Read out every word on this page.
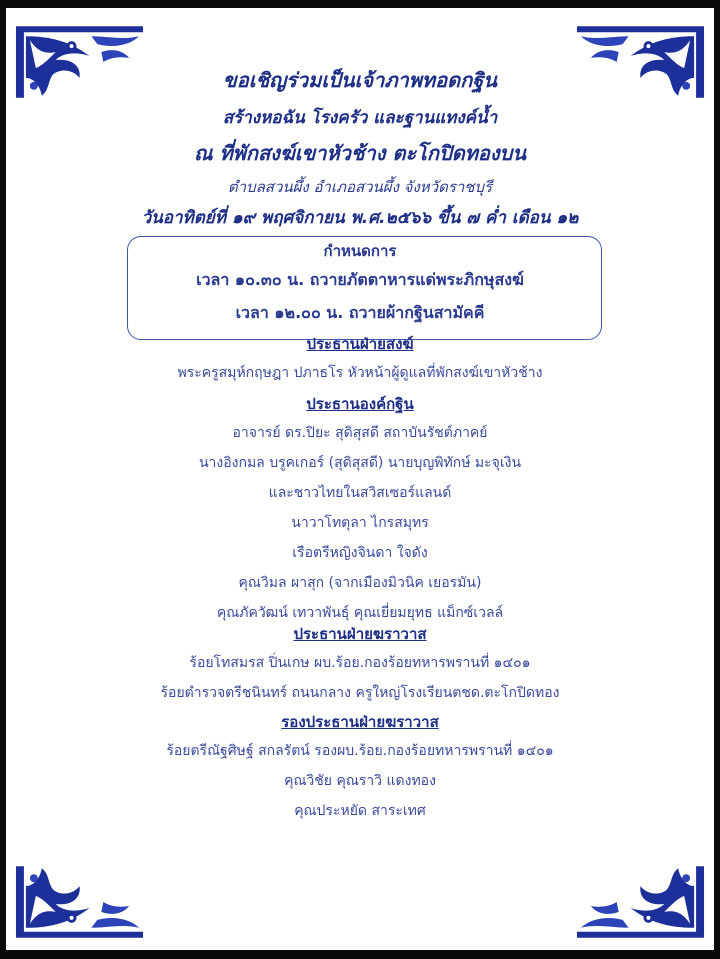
ขอเชิญร่วมเป็นเจ้าภาพทอดกฐิน
สร้างหอฉัน โรงครัว และฐานแทงค์น้ำ
ณ ที่พักสงฆ์เขาหัวช้าง ตะโกปิดทองบน
ตำบลสวนผึ้ง อำเภอสวนผึ้ง จังหวัดราชบุรี
วันอาทิตย์ที่ ๑๙ พฤศจิกายน พ.ศ.๒๕๖๖ ขึ้น ๗ ค่ำ เดือน ๑๒
กำหนดการ
เวลา ๑๐.๓๐ น. ถวายภัตตาหารแด่พระภิกษุสงฆ์
เวลา ๑๒.๐๐ น. ถวายผ้ากฐินสามัคคี
ประธานฝ่ายสงฆ์
พระครูสมุห์กฤษฎา ปภาธโร หัวหน้าผู้ดูแลที่พักสงฆ์เขาหัวช้าง
ประธานองค์กฐิน
อาจารย์ ดร.ปิยะ สุดิสุสดี สถาบันรัชต์ภาคย์
นางอิงกมล บรูคเกอร์ (สุดิสุสดี) นายบุญพิทักษ์ มะจุเงิน
และชาวไทยในสวิสเซอร์แลนด์
นาวาโทตุลา ไกรสมุทร
เรือตรีหญิงจินดา ใจดัง
คุณวิมล ผาสุก (จากเมืองมิวนิค เยอรมัน)
คุณภัควัฒน์ เทวาพันธุ์ คุณเยี่ยมยุทธ แม็กซ์เวลล์
ประธานฝ่ายฆราวาส
ร้อยโทสมรส ปิ่นเกษ ผบ.ร้อย.กองร้อยทหารพรานที่ ๑๔๐๑
ร้อยตำรวจตรีชนินทร์ ถนนกลาง ครูใหญ่โรงเรียนตชด.ตะโกปิดทอง
รองประธานฝ่ายฆราวาส
ร้อยตรีณัฐศิษฐ์ สกลรัตน์ รองผบ.ร้อย.กองร้อยทหารพรานที่ ๑๔๐๑
คุณวิชัย คุณราวิ แดงทอง
คุณประหยัด สาระเทศ
